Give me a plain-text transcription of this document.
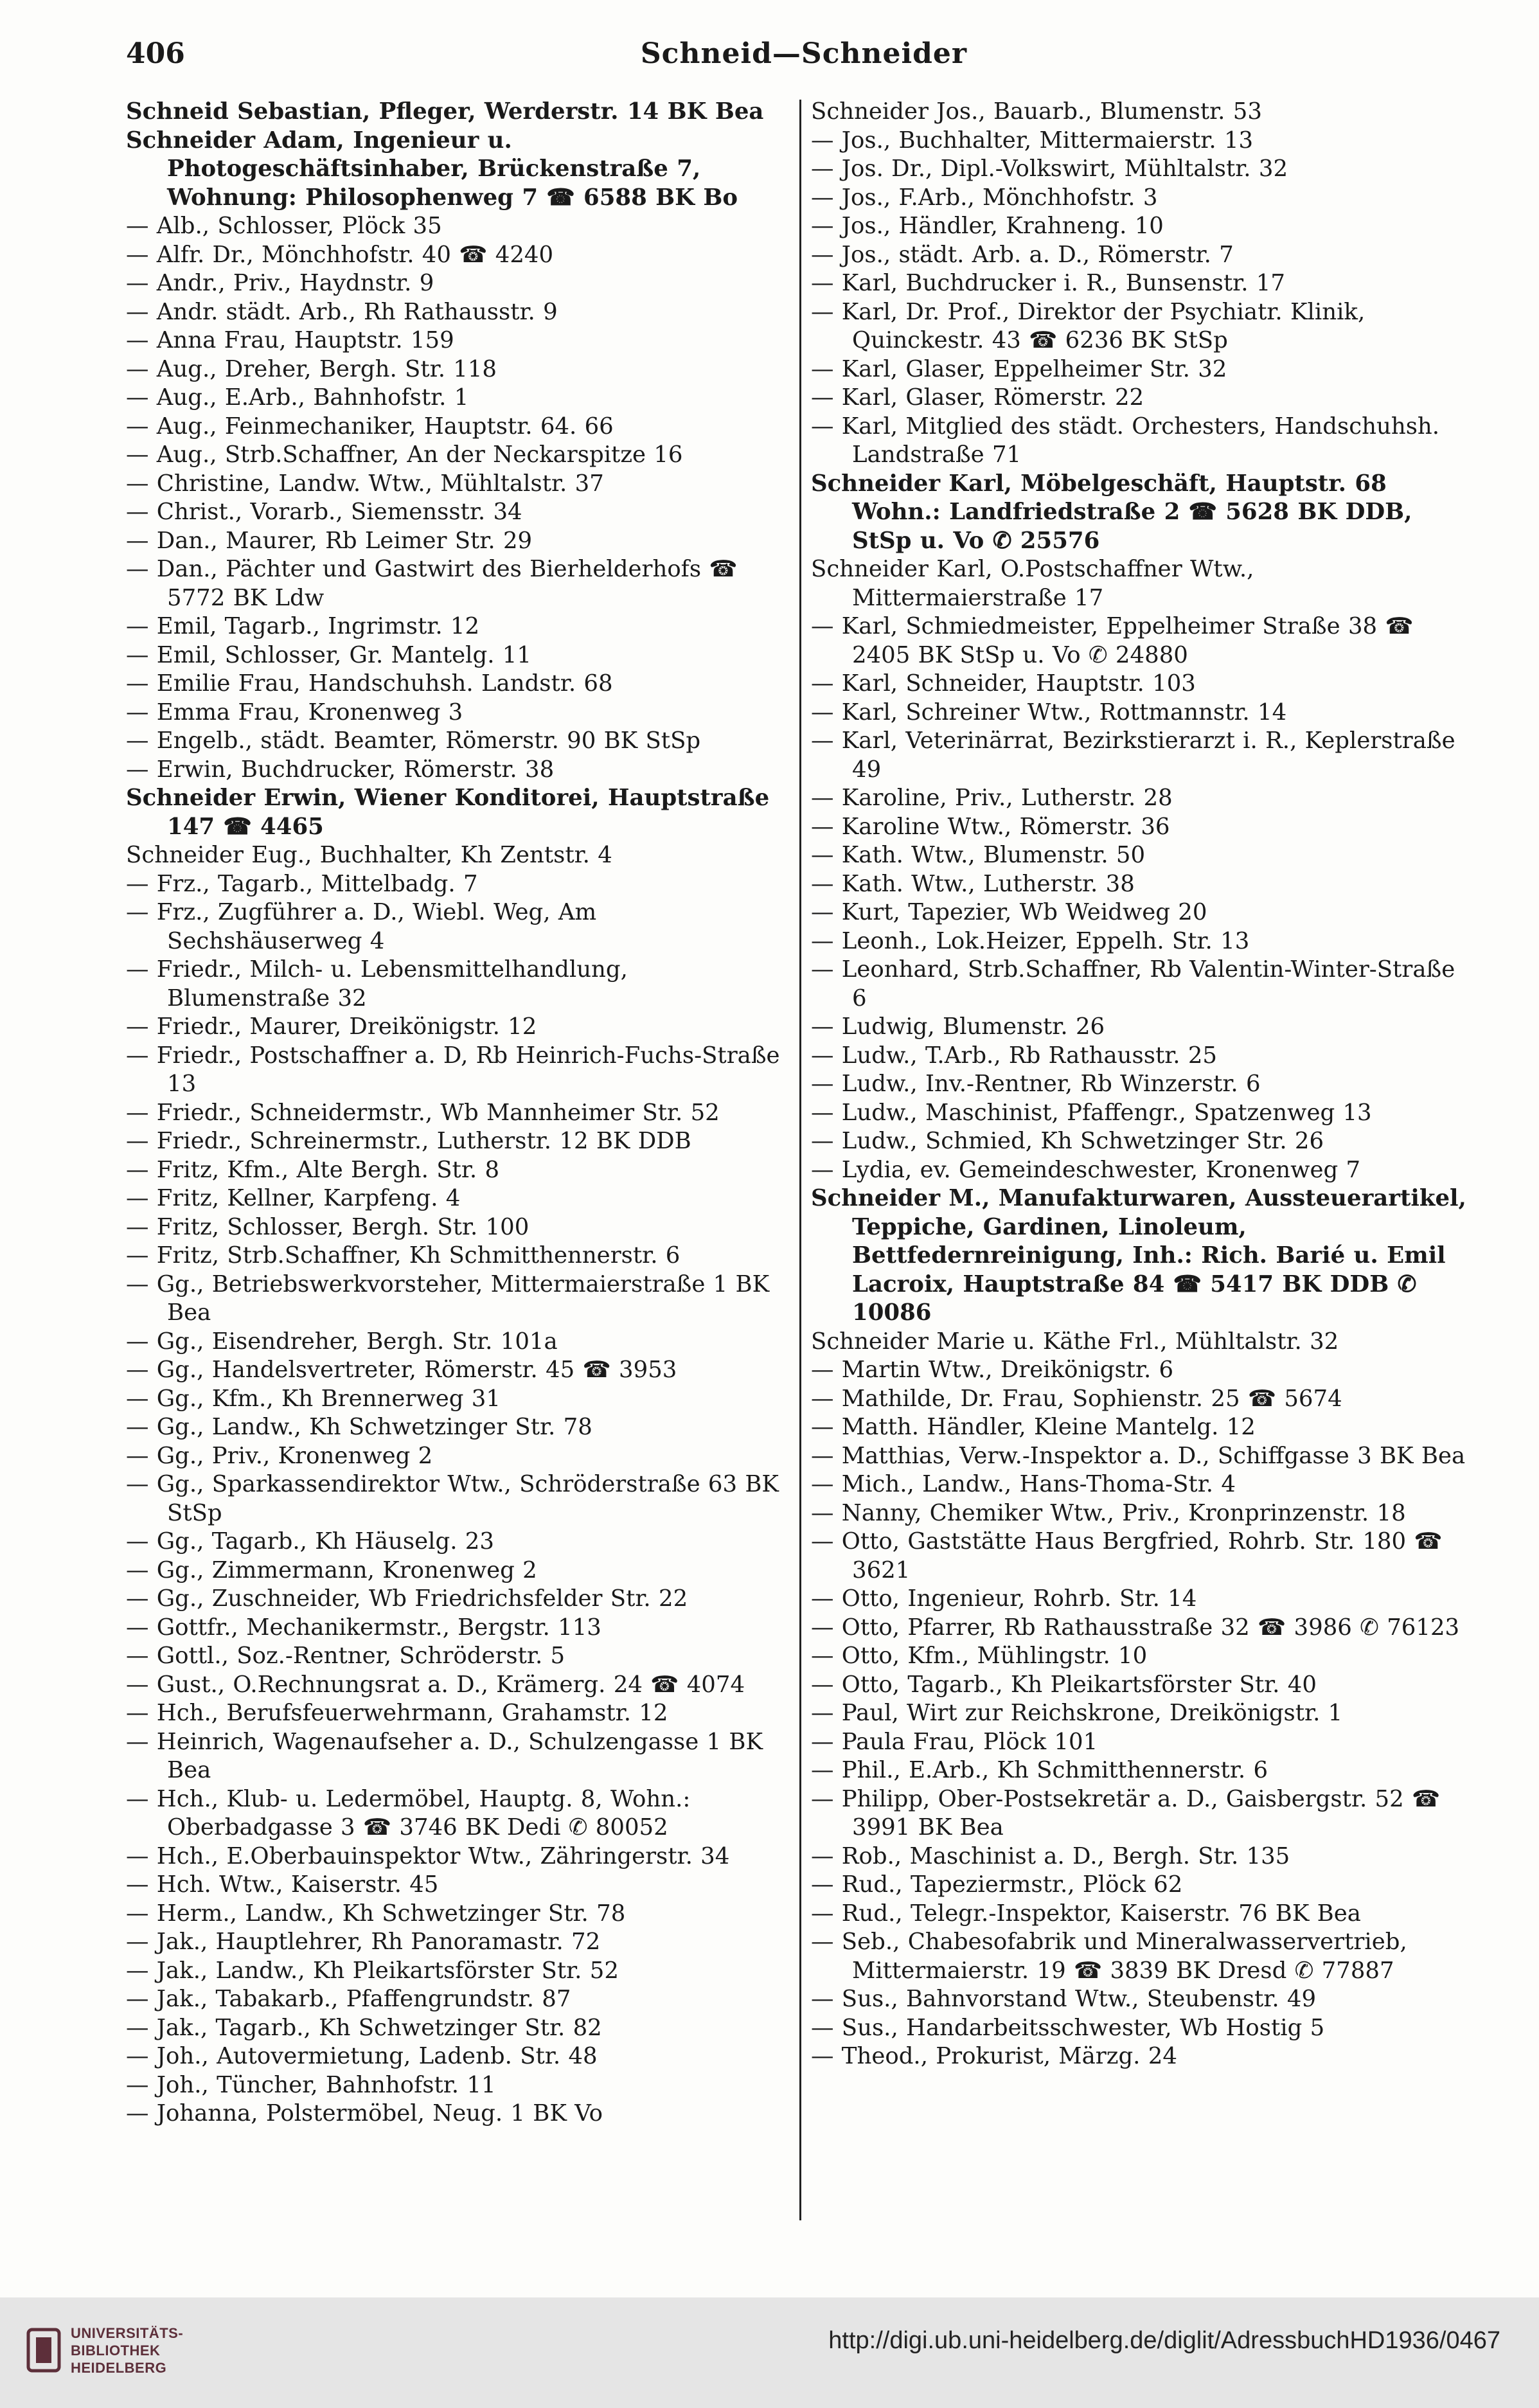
406	Schneid—Schneider
Schneid Sebastian, Pfleger, Werderstr. 14 BK Bea
Schneider Adam, Ingenieur u. Photogeschäftsinhaber, Brückenstraße 7, Wohnung: Philosophenweg 7 ☎ 6588 BK Bo
— Alb., Schlosser, Plöck 35
— Alfr. Dr., Mönchhofstr. 40 ☎ 4240
— Andr., Priv., Haydnstr. 9
— Andr. städt. Arb., Rh Rathausstr. 9
— Anna Frau, Hauptstr. 159
— Aug., Dreher, Bergh. Str. 118
— Aug., E.Arb., Bahnhofstr. 1
— Aug., Feinmechaniker, Hauptstr. 64. 66
— Aug., Strb.Schaffner, An der Neckarspitze 16
— Christine, Landw. Wtw., Mühltalstr. 37
— Christ., Vorarb., Siemensstr. 34
— Dan., Maurer, Rb Leimer Str. 29
— Dan., Pächter und Gastwirt des Bierhelderhofs ☎ 5772 BK Ldw
— Emil, Tagarb., Ingrimstr. 12
— Emil, Schlosser, Gr. Mantelg. 11
— Emilie Frau, Handschuhsh. Landstr. 68
— Emma Frau, Kronenweg 3
— Engelb., städt. Beamter, Römerstr. 90 BK StSp
— Erwin, Buchdrucker, Römerstr. 38
Schneider Erwin, Wiener Konditorei, Hauptstraße 147 ☎ 4465
Schneider Eug., Buchhalter, Kh Zentstr. 4
— Frz., Tagarb., Mittelbadg. 7
— Frz., Zugführer a. D., Wiebl. Weg, Am Sechshäuserweg 4
— Friedr., Milch- u. Lebensmittelhandlung, Blumenstraße 32
— Friedr., Maurer, Dreikönigstr. 12
— Friedr., Postschaffner a. D, Rb Heinrich-Fuchs-Straße 13
— Friedr., Schneidermstr., Wb Mannheimer Str. 52
— Friedr., Schreinermstr., Lutherstr. 12 BK DDB
— Fritz, Kfm., Alte Bergh. Str. 8
— Fritz, Kellner, Karpfeng. 4
— Fritz, Schlosser, Bergh. Str. 100
— Fritz, Strb.Schaffner, Kh Schmitthennerstr. 6
— Gg., Betriebswerkvorsteher, Mittermaierstraße 1 BK Bea
— Gg., Eisendreher, Bergh. Str. 101a
— Gg., Handelsvertreter, Römerstr. 45 ☎ 3953
— Gg., Kfm., Kh Brennerweg 31
— Gg., Landw., Kh Schwetzinger Str. 78
— Gg., Priv., Kronenweg 2
— Gg., Sparkassendirektor Wtw., Schröderstraße 63 BK StSp
— Gg., Tagarb., Kh Häuselg. 23
— Gg., Zimmermann, Kronenweg 2
— Gg., Zuschneider, Wb Friedrichsfelder Str. 22
— Gottfr., Mechanikermstr., Bergstr. 113
— Gottl., Soz.-Rentner, Schröderstr. 5
— Gust., O.Rechnungsrat a. D., Krämerg. 24 ☎ 4074
— Hch., Berufsfeuerwehrmann, Grahamstr. 12
— Heinrich, Wagenaufseher a. D., Schulzengasse 1 BK Bea
— Hch., Klub- u. Ledermöbel, Hauptg. 8, Wohn.: Oberbadgasse 3 ☎ 3746 BK Dedi ✆ 80052
— Hch., E.Oberbauinspektor Wtw., Zähringerstr. 34
— Hch. Wtw., Kaiserstr. 45
— Herm., Landw., Kh Schwetzinger Str. 78
— Jak., Hauptlehrer, Rh Panoramastr. 72
— Jak., Landw., Kh Pleikartsförster Str. 52
— Jak., Tabakarb., Pfaffengrundstr. 87
— Jak., Tagarb., Kh Schwetzinger Str. 82
— Joh., Autovermietung, Ladenb. Str. 48
— Joh., Tüncher, Bahnhofstr. 11
— Johanna, Polstermöbel, Neug. 1 BK Vo
Schneider Jos., Bauarb., Blumenstr. 53
— Jos., Buchhalter, Mittermaierstr. 13
— Jos. Dr., Dipl.-Volkswirt, Mühltalstr. 32
— Jos., F.Arb., Mönchhofstr. 3
— Jos., Händler, Krahneng. 10
— Jos., städt. Arb. a. D., Römerstr. 7
— Karl, Buchdrucker i. R., Bunsenstr. 17
— Karl, Dr. Prof., Direktor der Psychiatr. Klinik, Quinckestr. 43 ☎ 6236 BK StSp
— Karl, Glaser, Eppelheimer Str. 32
— Karl, Glaser, Römerstr. 22
— Karl, Mitglied des städt. Orchesters, Handschuhsh. Landstraße 71
Schneider Karl, Möbelgeschäft, Hauptstr. 68 Wohn.: Landfriedstraße 2 ☎ 5628 BK DDB, StSp u. Vo ✆ 25576
Schneider Karl, O.Postschaffner Wtw., Mittermaierstraße 17
— Karl, Schmiedmeister, Eppelheimer Straße 38 ☎ 2405 BK StSp u. Vo ✆ 24880
— Karl, Schneider, Hauptstr. 103
— Karl, Schreiner Wtw., Rottmannstr. 14
— Karl, Veterinärrat, Bezirkstierarzt i. R., Keplerstraße 49
— Karoline, Priv., Lutherstr. 28
— Karoline Wtw., Römerstr. 36
— Kath. Wtw., Blumenstr. 50
— Kath. Wtw., Lutherstr. 38
— Kurt, Tapezier, Wb Weidweg 20
— Leonh., Lok.Heizer, Eppelh. Str. 13
— Leonhard, Strb.Schaffner, Rb Valentin-Winter-Straße 6
— Ludwig, Blumenstr. 26
— Ludw., T.Arb., Rb Rathausstr. 25
— Ludw., Inv.-Rentner, Rb Winzerstr. 6
— Ludw., Maschinist, Pfaffengr., Spatzenweg 13
— Ludw., Schmied, Kh Schwetzinger Str. 26
— Lydia, ev. Gemeindeschwester, Kronenweg 7
Schneider M., Manufakturwaren, Aussteuerartikel, Teppiche, Gardinen, Linoleum, Bettfedernreinigung, Inh.: Rich. Barié u. Emil Lacroix, Hauptstraße 84 ☎ 5417 BK DDB ✆ 10086
Schneider Marie u. Käthe Frl., Mühltalstr. 32
— Martin Wtw., Dreikönigstr. 6
— Mathilde, Dr. Frau, Sophienstr. 25 ☎ 5674
— Matth. Händler, Kleine Mantelg. 12
— Matthias, Verw.-Inspektor a. D., Schiffgasse 3 BK Bea
— Mich., Landw., Hans-Thoma-Str. 4
— Nanny, Chemiker Wtw., Priv., Kronprinzenstr. 18
— Otto, Gaststätte Haus Bergfried, Rohrb. Str. 180 ☎ 3621
— Otto, Ingenieur, Rohrb. Str. 14
— Otto, Pfarrer, Rb Rathausstraße 32 ☎ 3986 ✆ 76123
— Otto, Kfm., Mühlingstr. 10
— Otto, Tagarb., Kh Pleikartsförster Str. 40
— Paul, Wirt zur Reichskrone, Dreikönigstr. 1
— Paula Frau, Plöck 101
— Phil., E.Arb., Kh Schmitthennerstr. 6
— Philipp, Ober-Postsekretär a. D., Gaisbergstr. 52 ☎ 3991 BK Bea
— Rob., Maschinist a. D., Bergh. Str. 135
— Rud., Tapeziermstr., Plöck 62
— Rud., Telegr.-Inspektor, Kaiserstr. 76 BK Bea
— Seb., Chabesofabrik und Mineralwasservertrieb, Mittermaierstr. 19 ☎ 3839 BK Dresd ✆ 77887
— Sus., Bahnvorstand Wtw., Steubenstr. 49
— Sus., Handarbeitsschwester, Wb Hostig 5
— Theod., Prokurist, Märzg. 24
UNIVERSITÄTS-
BIBLIOTHEK
HEIDELBERG
http://digi.ub.uni-heidelberg.de/diglit/AdressbuchHD1936/0467
